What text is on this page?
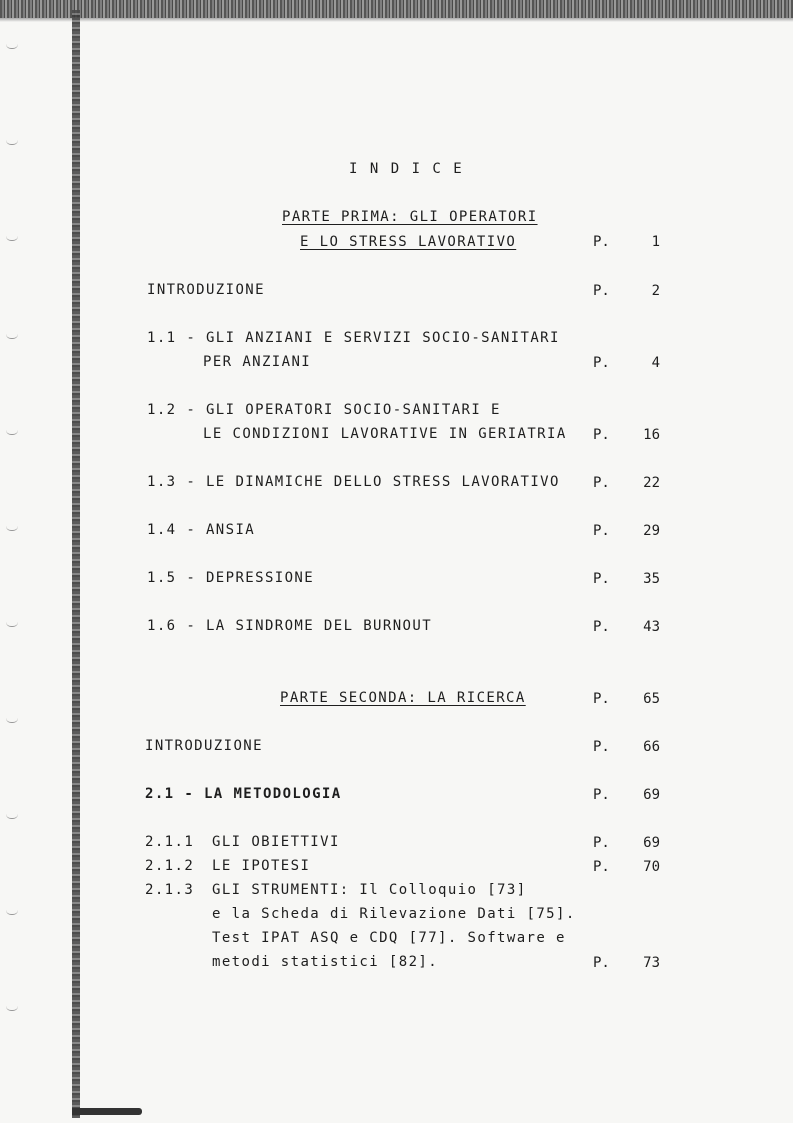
I N D I C E
PARTE PRIMA: GLI OPERATORI
E LO STRESS LAVORATIVO	P.	1
INTRODUZIONE	P.	2
1.1 - GLI ANZIANI E SERVIZI SOCIO-SANITARI
PER ANZIANI	P.	4
1.2 - GLI OPERATORI SOCIO-SANITARI E
LE CONDIZIONI LAVORATIVE IN GERIATRIA P.	16
1.3 - LE DINAMICHE DELLO STRESS LAVORATIVO P.	22
1.4 - ANSIA	P.	29
1.5 - DEPRESSIONE	P.	35
1.6 - LA SINDROME DEL BURNOUT	P.	43
PARTE SECONDA: LA RICERCA	P.	65
INTRODUZIONE	P.	66
2.1 - LA METODOLOGIA	P.	69
2.1.1 GLI OBIETTIVI	P.	69
2.1.2 LE IPOTESI	P.	70
2.1.3 GLI STRUMENTI: Il Colloquio [73]
e la Scheda di Rilevazione Dati [75].
Test IPAT ASQ e CDQ [77]. Software e
metodi statistici [82].	P.	73
